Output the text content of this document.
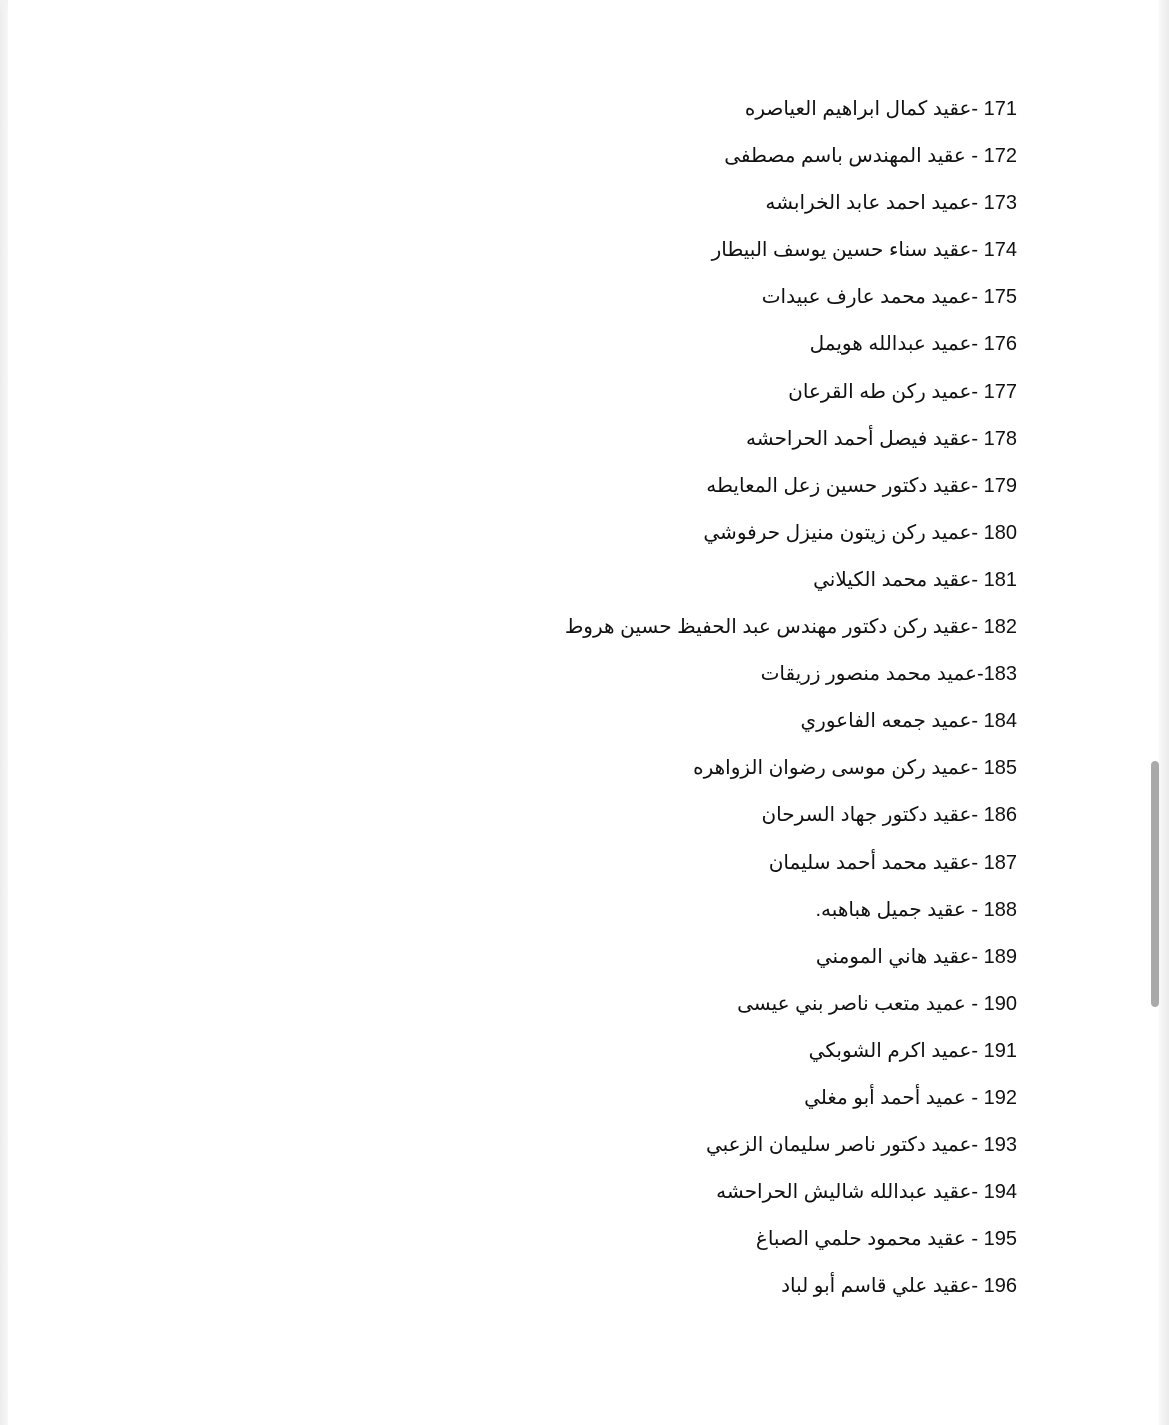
171 -عقيد كمال ابراهيم العياصره
172 - عقيد المهندس باسم مصطفى
173 -عميد احمد عابد الخرابشه
174 -عقيد سناء حسين يوسف البيطار
175 -عميد محمد عارف عبيدات
176 -عميد عبدالله هويمل
177 -عميد ركن طه القرعان
178 -عقيد فيصل أحمد الحراحشه
179 -عقيد دكتور حسين زعل المعايطه
180 -عميد ركن زيتون منيزل حرفوشي
181 -عقيد محمد الكيلاني
182 -عقيد ركن دكتور مهندس عبد الحفيظ حسين هروط
183-عميد محمد منصور زريقات
184 -عميد جمعه الفاعوري
185 -عميد ركن موسى رضوان الزواهره
186 -عقيد دكتور جهاد السرحان
187 -عقيد محمد أحمد سليمان
188 - عقيد جميل هباهبه.
189 -عقيد هاني المومني
190 - عميد متعب ناصر بني عيسى
191 -عميد اكرم الشوبكي
192 - عميد أحمد أبو مغلي
193 -عميد دكتور ناصر سليمان الزعبي
194 -عقيد عبدالله شاليش الحراحشه
195 - عقيد محمود حلمي الصباغ
196 -عقيد علي قاسم أبو لباد
